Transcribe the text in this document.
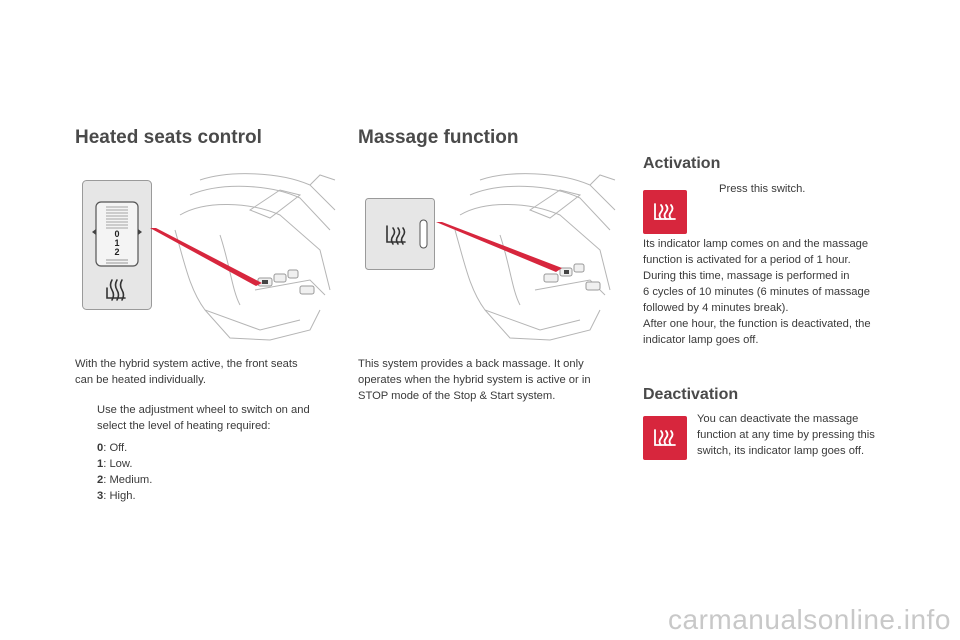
Heated seats control
0
1
2
With the hybrid system active, the front seats
can be heated individually.
Use the adjustment wheel to switch on and
select the level of heating required:
0: Off.
1: Low.
2: Medium.
3: High.
Massage function
This system provides a back massage. It only
operates when the hybrid system is active or in
STOP mode of the Stop & Start system.
Activation
Press this switch.
Its indicator lamp comes on and the massage
function is activated for a period of 1 hour.
During this time, massage is performed in
6 cycles of 10 minutes (6 minutes of massage
followed by 4 minutes break).
After one hour, the function is deactivated, the
indicator lamp goes off.
Deactivation
You can deactivate the massage
function at any time by pressing this
switch, its indicator lamp goes off.
carmanualsonline.info
